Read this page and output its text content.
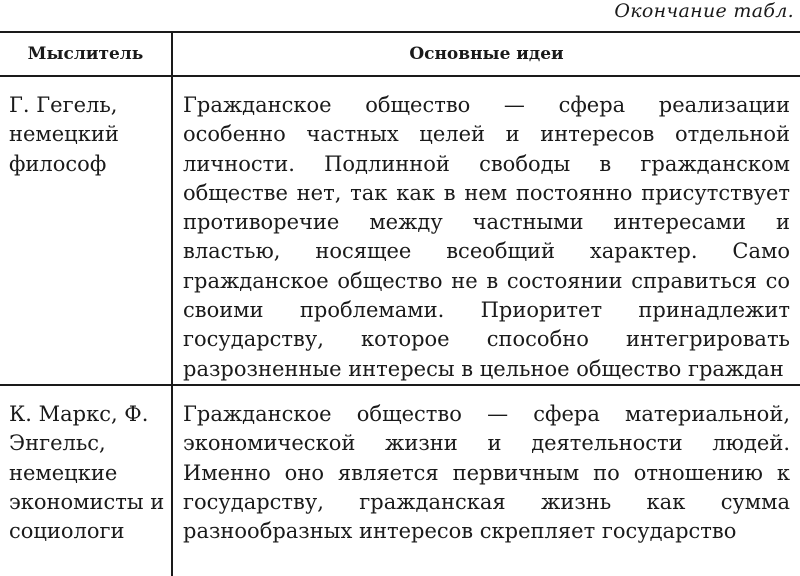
Окончание табл.
Мыслитель	Основные идеи
Г. Гегель, немецкий философ	Гражданское общество — сфера реализации особенно частных целей и интересов отдельной личности. Подлинной свободы в гражданском обществе нет, так как в нем постоянно присутствует противоречие между частными интересами и властью, носящее всеобщий характер. Само гражданское общество не в состоянии справиться со своими проблемами. Приоритет принадлежит государству, которое способно интегрировать разрозненные интересы в цельное общество граждан
К. Маркс, Ф. Энгельс, немецкие экономисты и социологи	Гражданское общество — сфера материальной, экономической жизни и деятельности людей. Именно оно является первичным по отношению к государству, гражданская жизнь как сумма разнообразных интересов скрепляет государство
